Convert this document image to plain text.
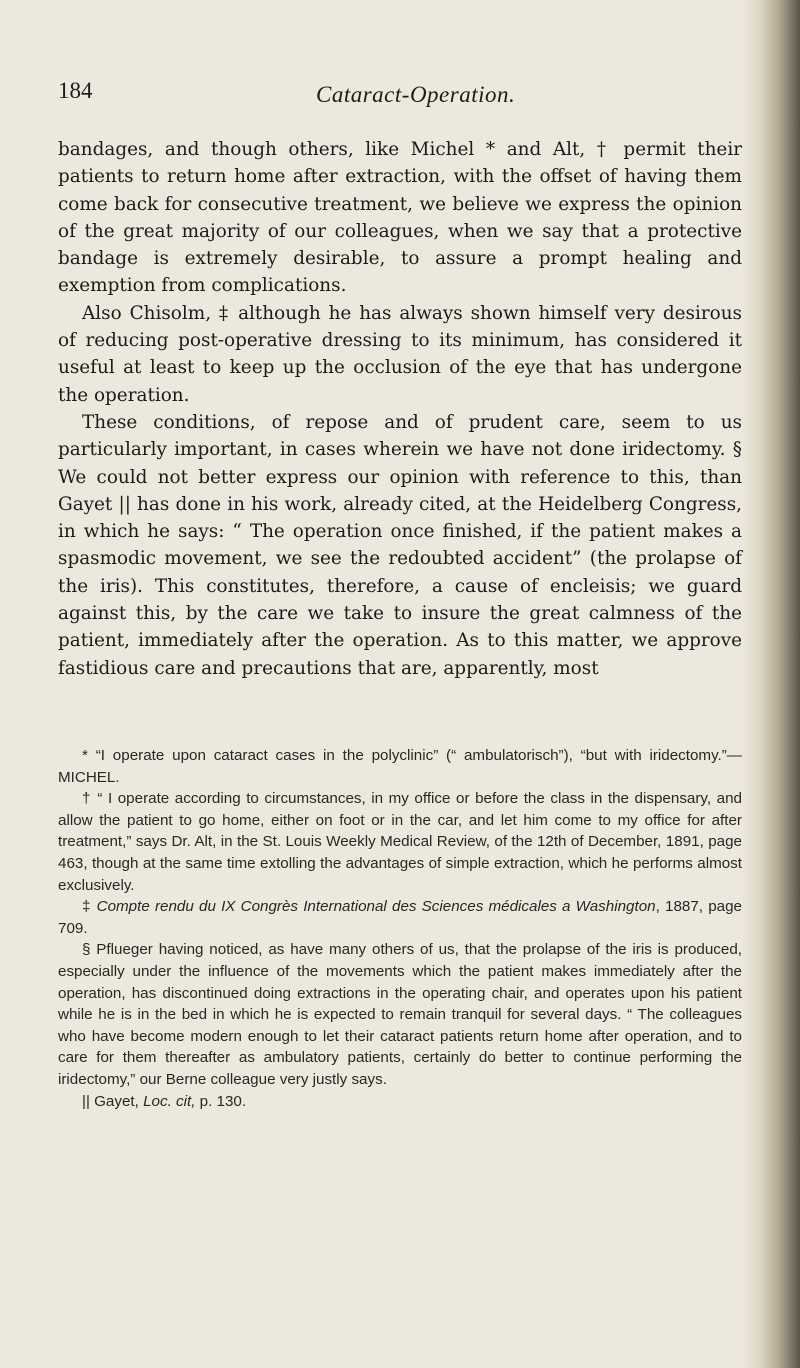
184	Cataract-Operation.

bandages, and though others, like Michel * and Alt, † permit their patients to return home after extraction, with the offset of having them come back for consecutive treatment, we believe we express the opinion of the great majority of our colleagues, when we say that a protective bandage is extremely desirable, to assure a prompt healing and exemption from complications.

Also Chisolm, ‡ although he has always shown himself very desirous of reducing post-operative dressing to its minimum, has considered it useful at least to keep up the occlusion of the eye that has undergone the operation.

These conditions, of repose and of prudent care, seem to us particularly important, in cases wherein we have not done iridectomy. § We could not better express our opinion with reference to this, than Gayet || has done in his work, already cited, at the Heidelberg Congress, in which he says: “ The operation once finished, if the patient makes a spasmodic movement, we see the redoubted accident” (the prolapse of the iris). This constitutes, therefore, a cause of encleisis; we guard against this, by the care we take to insure the great calmness of the patient, immediately after the operation. As to this matter, we approve fastidious care and precautions that are, apparently, most

* “I operate upon cataract cases in the polyclinic” (“ ambulatorisch”), “but with iridectomy.”—MICHEL.

† “ I operate according to circumstances, in my office or before the class in the dispensary, and allow the patient to go home, either on foot or in the car, and let him come to my office for after treatment,” says Dr. Alt, in the St. Louis Weekly Medical Review, of the 12th of December, 1891, page 463, though at the same time extolling the advantages of simple extraction, which he performs almost exclusively.

‡ Compte rendu du IX Congrès International des Sciences médicales a Washington, 1887, page 709.

§ Pflueger having noticed, as have many others of us, that the prolapse of the iris is produced, especially under the influence of the movements which the patient makes immediately after the operation, has discontinued doing extractions in the operating chair, and operates upon his patient while he is in the bed in which he is expected to remain tranquil for several days. “ The colleagues who have become modern enough to let their cataract patients return home after operation, and to care for them thereafter as ambulatory patients, certainly do better to continue performing the iridectomy,” our Berne colleague very justly says.

|| Gayet, Loc. cit, p. 130.
